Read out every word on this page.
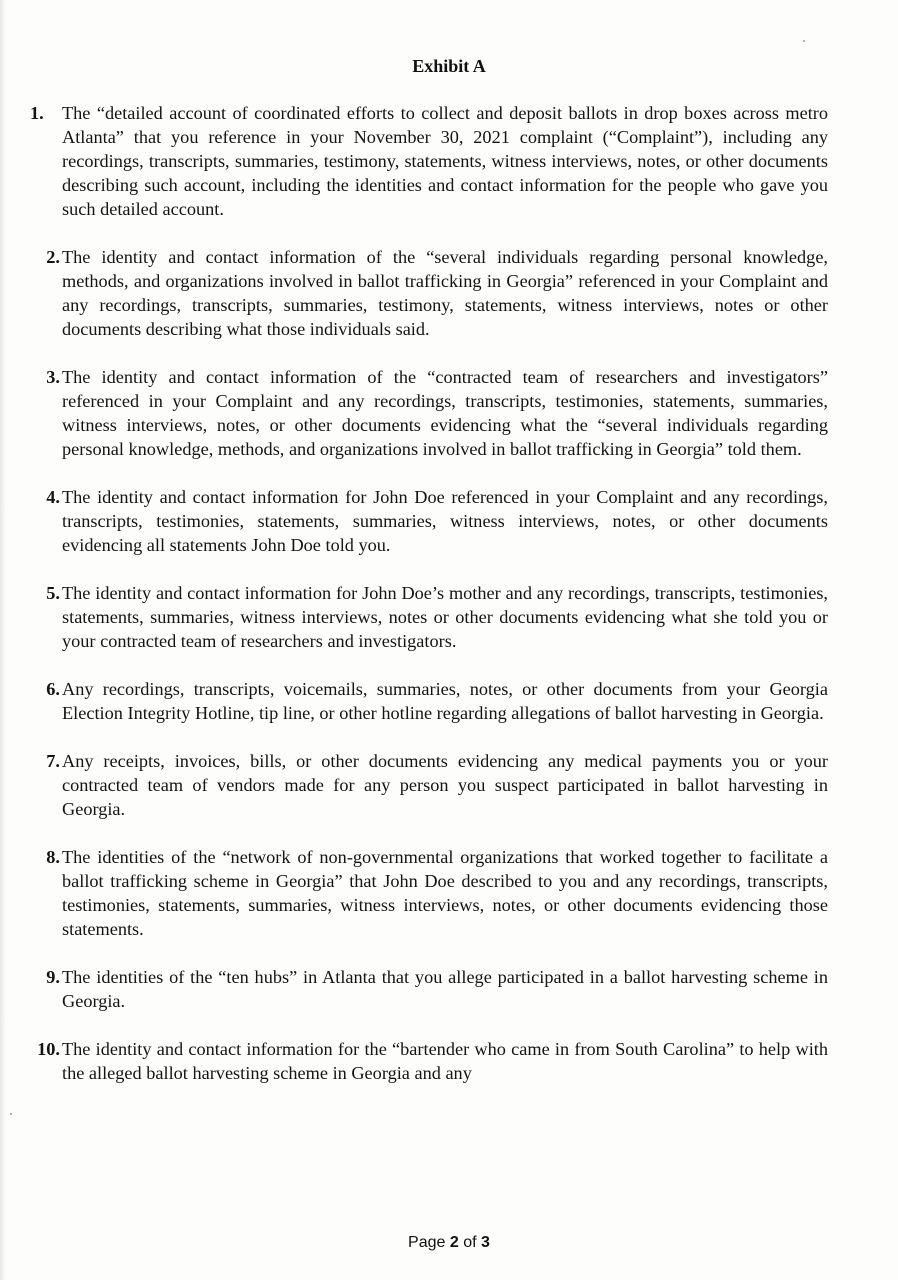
Exhibit A
1. The “detailed account of coordinated efforts to collect and deposit ballots in drop boxes across metro Atlanta” that you reference in your November 30, 2021 complaint (“Complaint”), including any recordings, transcripts, summaries, testimony, statements, witness interviews, notes, or other documents describing such account, including the identities and contact information for the people who gave you such detailed account.
2. The identity and contact information of the “several individuals regarding personal knowledge, methods, and organizations involved in ballot trafficking in Georgia” referenced in your Complaint and any recordings, transcripts, summaries, testimony, statements, witness interviews, notes or other documents describing what those individuals said.
3. The identity and contact information of the “contracted team of researchers and investigators” referenced in your Complaint and any recordings, transcripts, testimonies, statements, summaries, witness interviews, notes, or other documents evidencing what the “several individuals regarding personal knowledge, methods, and organizations involved in ballot trafficking in Georgia” told them.
4. The identity and contact information for John Doe referenced in your Complaint and any recordings, transcripts, testimonies, statements, summaries, witness interviews, notes, or other documents evidencing all statements John Doe told you.
5. The identity and contact information for John Doe’s mother and any recordings, transcripts, testimonies, statements, summaries, witness interviews, notes or other documents evidencing what she told you or your contracted team of researchers and investigators.
6. Any recordings, transcripts, voicemails, summaries, notes, or other documents from your Georgia Election Integrity Hotline, tip line, or other hotline regarding allegations of ballot harvesting in Georgia.
7. Any receipts, invoices, bills, or other documents evidencing any medical payments you or your contracted team of vendors made for any person you suspect participated in ballot harvesting in Georgia.
8. The identities of the “network of non-governmental organizations that worked together to facilitate a ballot trafficking scheme in Georgia” that John Doe described to you and any recordings, transcripts, testimonies, statements, summaries, witness interviews, notes, or other documents evidencing those statements.
9. The identities of the “ten hubs” in Atlanta that you allege participated in a ballot harvesting scheme in Georgia.
10. The identity and contact information for the “bartender who came in from South Carolina” to help with the alleged ballot harvesting scheme in Georgia and any
Page 2 of 3
